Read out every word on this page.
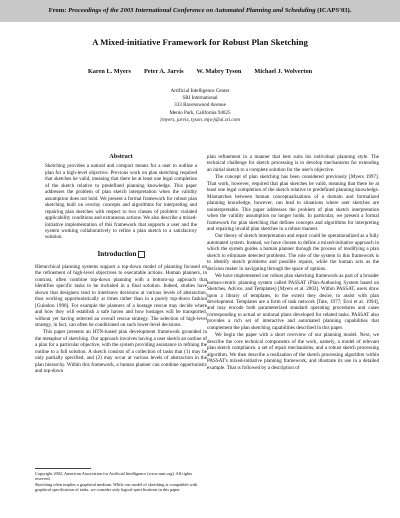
From: Proceedings of the 2003 International Conference on Automated Planning and Scheduling (ICAPS'03).
A Mixed-initiative Framework for Robust Plan Sketching
Karen L. Myers Peter A. Jarvis W. Mabry Tyson Michael J. Wolverton
Artificial Intelligence Center
SRI International
333 Ravenswood Avenue
Menlo Park, California 94025
{myers, jarvis, tyson, mjw}@ai.sri.com
Abstract
Sketching provides a natural and compact means for a user to outline a plan for a high-level objective. Previous work on plan sketching required that sketches be valid, meaning that there be at least one legal completion of the sketch relative to predefined planning knowledge. This paper addresses the problem of plan sketch interpretation when the validity assumption does not hold. We present a formal framework for robust plan sketching built on overlay concepts and algorithms for interpreting and repairing plan sketches with respect to two classes of problem: violated applicability conditions and extraneous actions. We also describe a mixed-initiative implementation of this framework that supports a user and the system working collaboratively to refine a plan sketch to a satisfactory solution.
Introduction

Hierarchical planning systems support a top-down model of planning focused on the refinement of high-level objectives to executable actions. Human planners, in contrast, often combine top-down planning with a bottom-up approach that identifies specific tasks to be included in a final solution. Indeed, studies have shown that designers tend to interleave decisions at various levels of abstraction, thus working opportunistically at times rather than in a purely top-down fashion [Guindon 1990]. For example the planners of a hostage rescue may decide where and how they will establish a safe haven and how hostages will be transported, without yet having selected an overall rescue strategy. The selection of high-level strategy, in fact, can often be conditioned on such lower-level decisions.

This paper presents an HTN-based plan development framework grounded in the metaphor of sketching. Our approach involves having a user sketch an outline of a plan for a particular objective, with the system providing assistance in refining the outline to a full solution. A sketch consists of a collection of tasks that (1) may be only partially specified, and (2) may occur at various levels of abstraction in the plan hierarchy. Within this framework, a human planner can combine opportunistic and top-down

plan refinement in a manner that best suits his individual planning style. The technical challenge for sketch processing is to develop mechanisms for extending an initial sketch to a complete solution for the user's objective.

The concept of plan sketching has been considered previously [Myers 1997]. That work, however, required that plan sketches be valid, meaning that there be at least one legal completion of the sketch relative to predefined planning knowledge. Mismatches between human conceptualizations of a domain and formalized planning knowledge, however, can lead to situations where user sketches are uninterpretable. This paper addresses the problem of plan sketch interpretation when the validity assumption no longer holds. In particular, we present a formal framework for plan sketching that defines concepts and algorithms for interpreting and repairing invalid plan sketches in a robust manner.

Our theory of sketch interpretation and repair could be operationalized as a fully automated system. Instead, we have chosen to define a mixed-initiative approach in which the system guides a human planner through the process of modifying a plan sketch to eliminate detected problems. The role of the system in this framework is to identify sketch problems and possible repairs, while the human acts as the decision maker in navigating through the space of options.

We have implemented our robust plan sketching framework as part of a broader human-centric planning system called PASSAT (Plan-Authoring System based on Sketches, Advice, and Templates) [Myers et al. 2002]. Within PASSAT, users draw upon a library of templates, to the extent they desire, to assist with plan development. Templates are a form of task network [Tate, 1977; Erol et al. 1994], and may encode both parameterized standard operating procedures and cases corresponding to actual or notional plans developed for related tasks. PASSAT also provides a rich set of interactive and automated planning capabilities that complement the plan sketching capabilities described in this paper.

We begin the paper with a short overview of our planning model. Next, we describe the core technical components of the work, namely, a model of relevant plan sketch compliance, a set of repair mechanisms, and a robust sketch processing algorithm. We then describe a realization of the sketch processing algorithm within PASSAT's mixed-initiative planning framework, and illustrate its use in a detailed example. That is followed by a description of

Copyright 2002, American Association for Artificial Intelligence (www.aaai.org). All rights reserved.
Sketching often implies a graphical medium. While our model of sketching is compatible with graphical specification of tasks, we consider only logical specifications in this paper.
